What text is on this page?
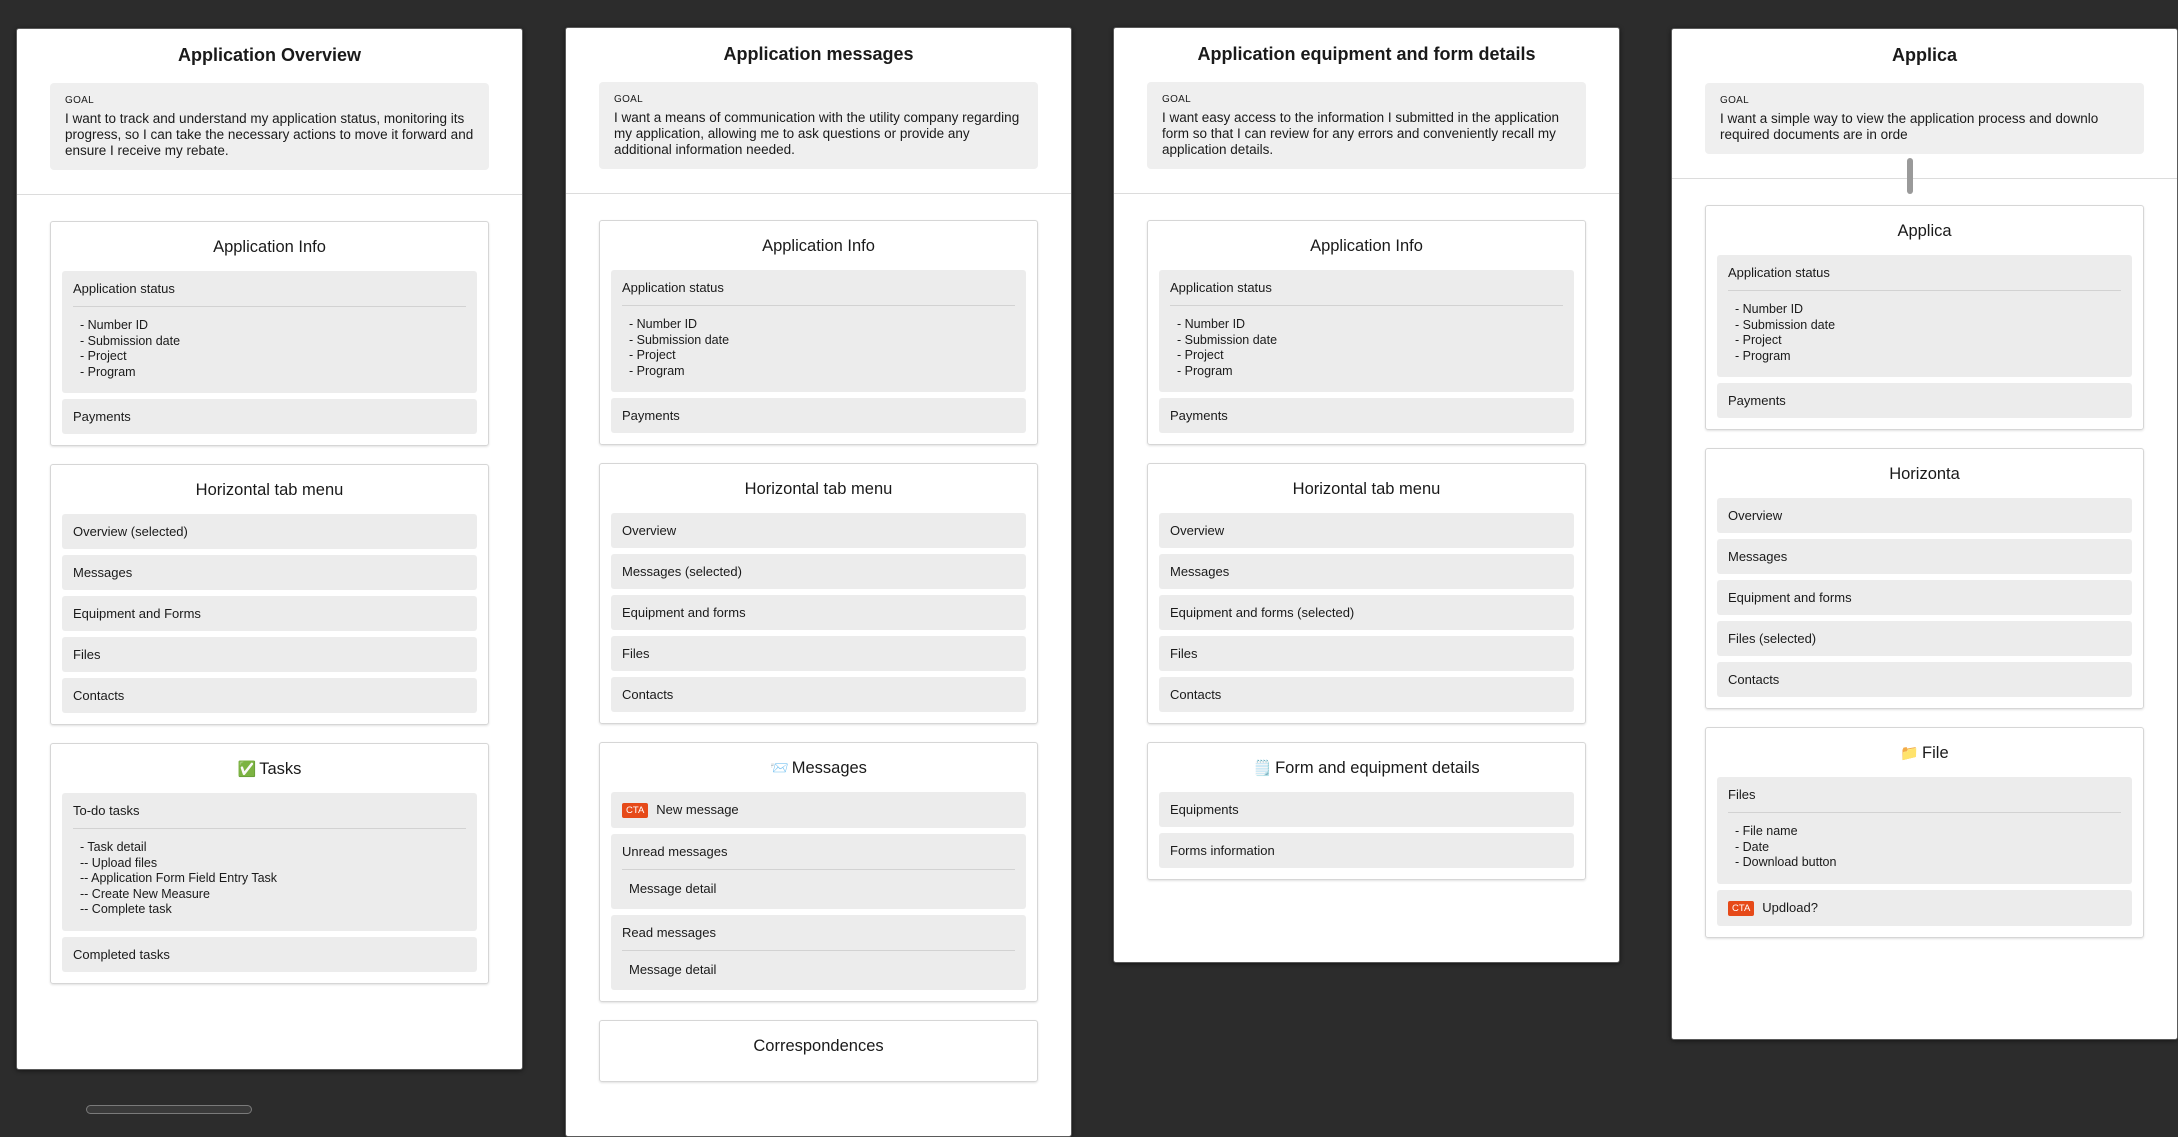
Application Overview
GOAL
I want to track and understand my application status, monitoring its progress, so I can take the necessary actions to move it forward and ensure I receive my rebate.
Application Info
Application status
- Number ID
- Submission date
- Project
- Program
Payments
Horizontal tab menu
Overview (selected)
Messages
Equipment and Forms
Files
Contacts
✅ Tasks
To-do tasks
- Task detail
-- Upload files
-- Application Form Field Entry Task
-- Create New Measure
-- Complete task
Completed tasks
Application messages
GOAL
I want a means of communication with the utility company regarding my application, allowing me to ask questions or provide any additional information needed.
Application Info
Application status
- Number ID
- Submission date
- Project
- Program
Payments
Horizontal tab menu
Overview
Messages (selected)
Equipment and forms
Files
Contacts
📨 Messages
CTA New message
Unread messages
Message detail
Read messages
Message detail
Correspondences
Application equipment and form details
GOAL
I want easy access to the information I submitted in the application form so that I can review for any errors and conveniently recall my application details.
Application Info
Application status
- Number ID
- Submission date
- Project
- Program
Payments
Horizontal tab menu
Overview
Messages
Equipment and forms (selected)
Files
Contacts
🗒️ Form and equipment details
Equipments
Forms information
Applica
GOAL
I want a simple way to view the application process and downlo required documents are in orde
Applica
Application status
- Number ID
- Submission date
- Project
- Program
Payments
Horizonta
Overview
Messages
Equipment and forms
Files (selected)
Contacts
📁 File
Files
- File name
- Date
- Download button
CTA Updload?
